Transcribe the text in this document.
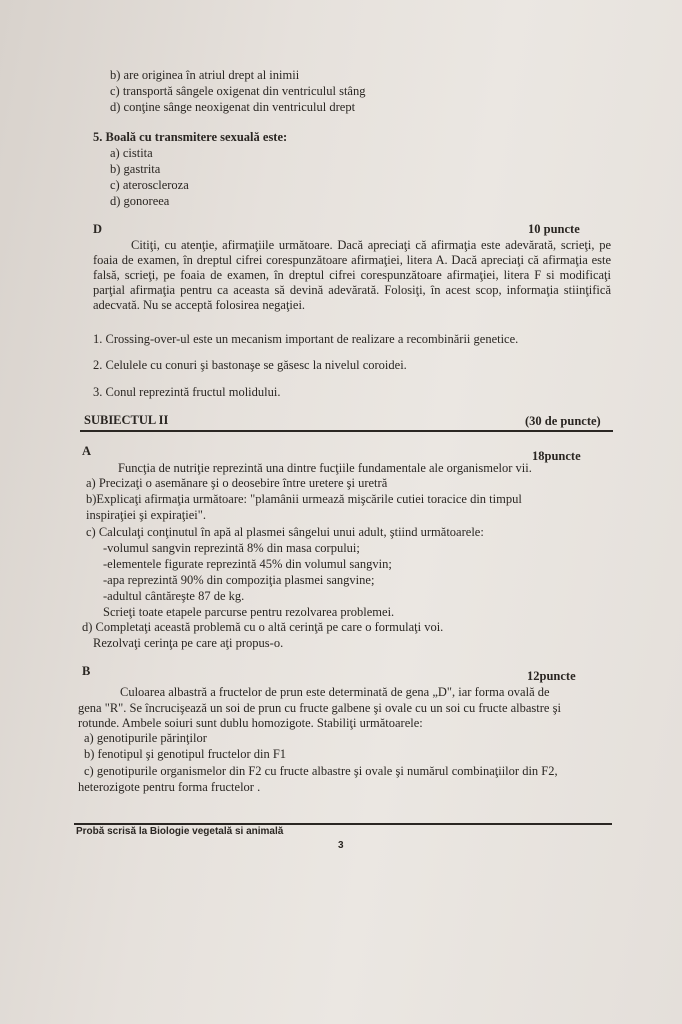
b) are originea în atriul drept al inimii
c) transportă sângele oxigenat din ventriculul stâng
d) conţine sânge neoxigenat din ventriculul drept
5. Boală cu transmitere sexuală este:
a) cistita
b) gastrita
c) ateroscleroza
d) gonoreea
D	10 puncte
Citiţi, cu atenţie, afirmaţiile următoare. Dacă apreciaţi că afirmaţia este adevărată, scrieţi, pe foaia de examen, în dreptul cifrei corespunzătoare afirmaţiei, litera A. Dacă apreciaţi că afirmaţia este falsă, scrieţi, pe foaia de examen, în dreptul cifrei corespunzătoare afirmaţiei, litera F si modificaţi parţial afirmaţia pentru ca aceasta să devină adevărată. Folosiţi, în acest scop, informaţia stiinţifică adecvată. Nu se acceptă folosirea negaţiei.
1. Crossing-over-ul este un mecanism important de realizare a recombinării genetice.
2. Celulele cu conuri şi bastonaşe se găsesc la nivelul coroidei.
3. Conul reprezintă fructul molidului.
SUBIECTUL II	(30 de puncte)
A	18puncte
Funcţia de nutriţie reprezintă una dintre fucţiile fundamentale ale organismelor vii.
a) Precizaţi o asemănare şi o deosebire între uretere şi uretră
b)Explicaţi afirmaţia următoare: "plamânii urmează mişcările cutiei toracice din timpul
inspiraţiei şi expiraţiei".
c) Calculaţi conţinutul în apă al plasmei sângelui unui adult, ştiind următoarele:
-volumul sangvin reprezintă 8% din masa corpului;
-elementele figurate reprezintă 45% din volumul sangvin;
-apa reprezintă 90% din compoziţia plasmei sangvine;
-adultul cântăreşte 87 de kg.
Scrieţi toate etapele parcurse pentru rezolvarea problemei.
d) Completaţi această problemă cu o altă cerinţă pe care o formulaţi voi.
Rezolvaţi cerinţa pe care aţi propus-o.
B	12puncte
Culoarea albastră a fructelor de prun este determinată de gena „D", iar forma ovală de
gena "R". Se încrucişează un soi de prun cu fructe galbene şi ovale cu un soi cu fructe albastre şi
rotunde. Ambele soiuri sunt dublu homozigote. Stabiliţi următoarele:
a) genotipurile părinţilor
b) fenotipul şi genotipul fructelor din F1
c) genotipurile organismelor din F2 cu fructe albastre şi ovale şi numărul combinaţiilor din F2,
heterozigote pentru forma fructelor .
Probă scrisă la Biologie vegetală si animală
3
